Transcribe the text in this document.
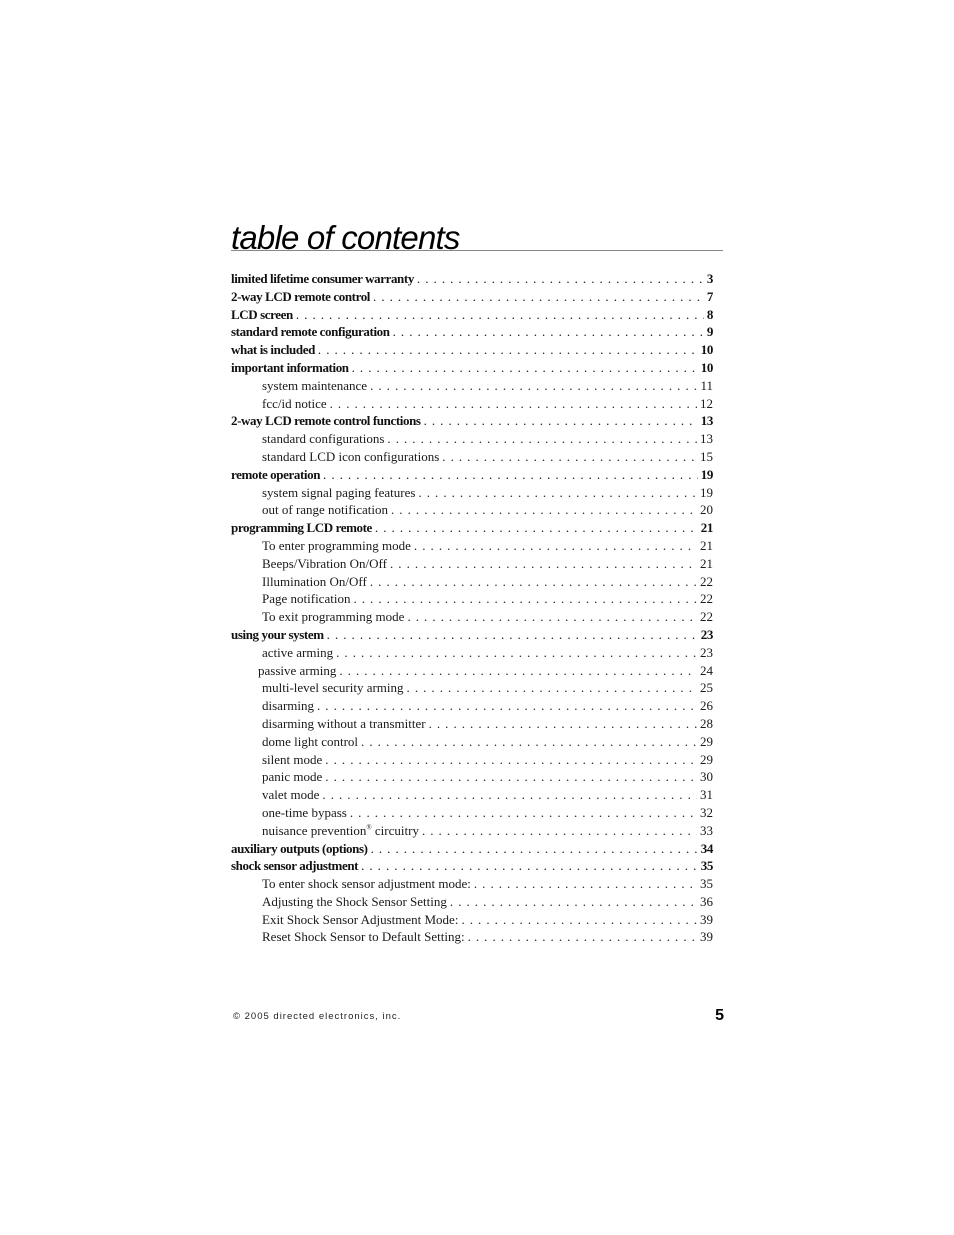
table of contents
limited lifetime consumer warranty . . .	3
2-way LCD remote control . . .	7
LCD screen . . .	8
standard remote configuration . . .	9
what is included . . .	10
important information . . .	10
system maintenance . . .	11
fcc/id notice . . .	12
2-way LCD remote control functions . . .	13
standard configurations . . .	13
standard LCD icon configurations . . .	15
remote operation . . .	19
system signal paging features . . .	19
out of range notification . . .	20
programming LCD remote . . .	21
To enter programming mode . . .	21
Beeps/Vibration On/Off . . .	21
Illumination On/Off . . .	22
Page notification . . .	22
To exit programming mode . . .	22
using your system . . .	23
active arming . . .	23
passive arming . . .	24
multi-level security arming . . .	25
disarming . . .	26
disarming without a transmitter . . .	28
dome light control . . .	29
silent mode . . .	29
panic mode . . .	30
valet mode . . .	31
one-time bypass . . .	32
nuisance prevention® circuitry . . .	33
auxiliary outputs (options) . . .	34
shock sensor adjustment . . .	35
To enter shock sensor adjustment mode: . . .	35
Adjusting the Shock Sensor Setting . . .	36
Exit Shock Sensor Adjustment Mode: . . .	39
Reset Shock Sensor to Default Setting: . . .	39
© 2005 directed electronics, inc.	5
